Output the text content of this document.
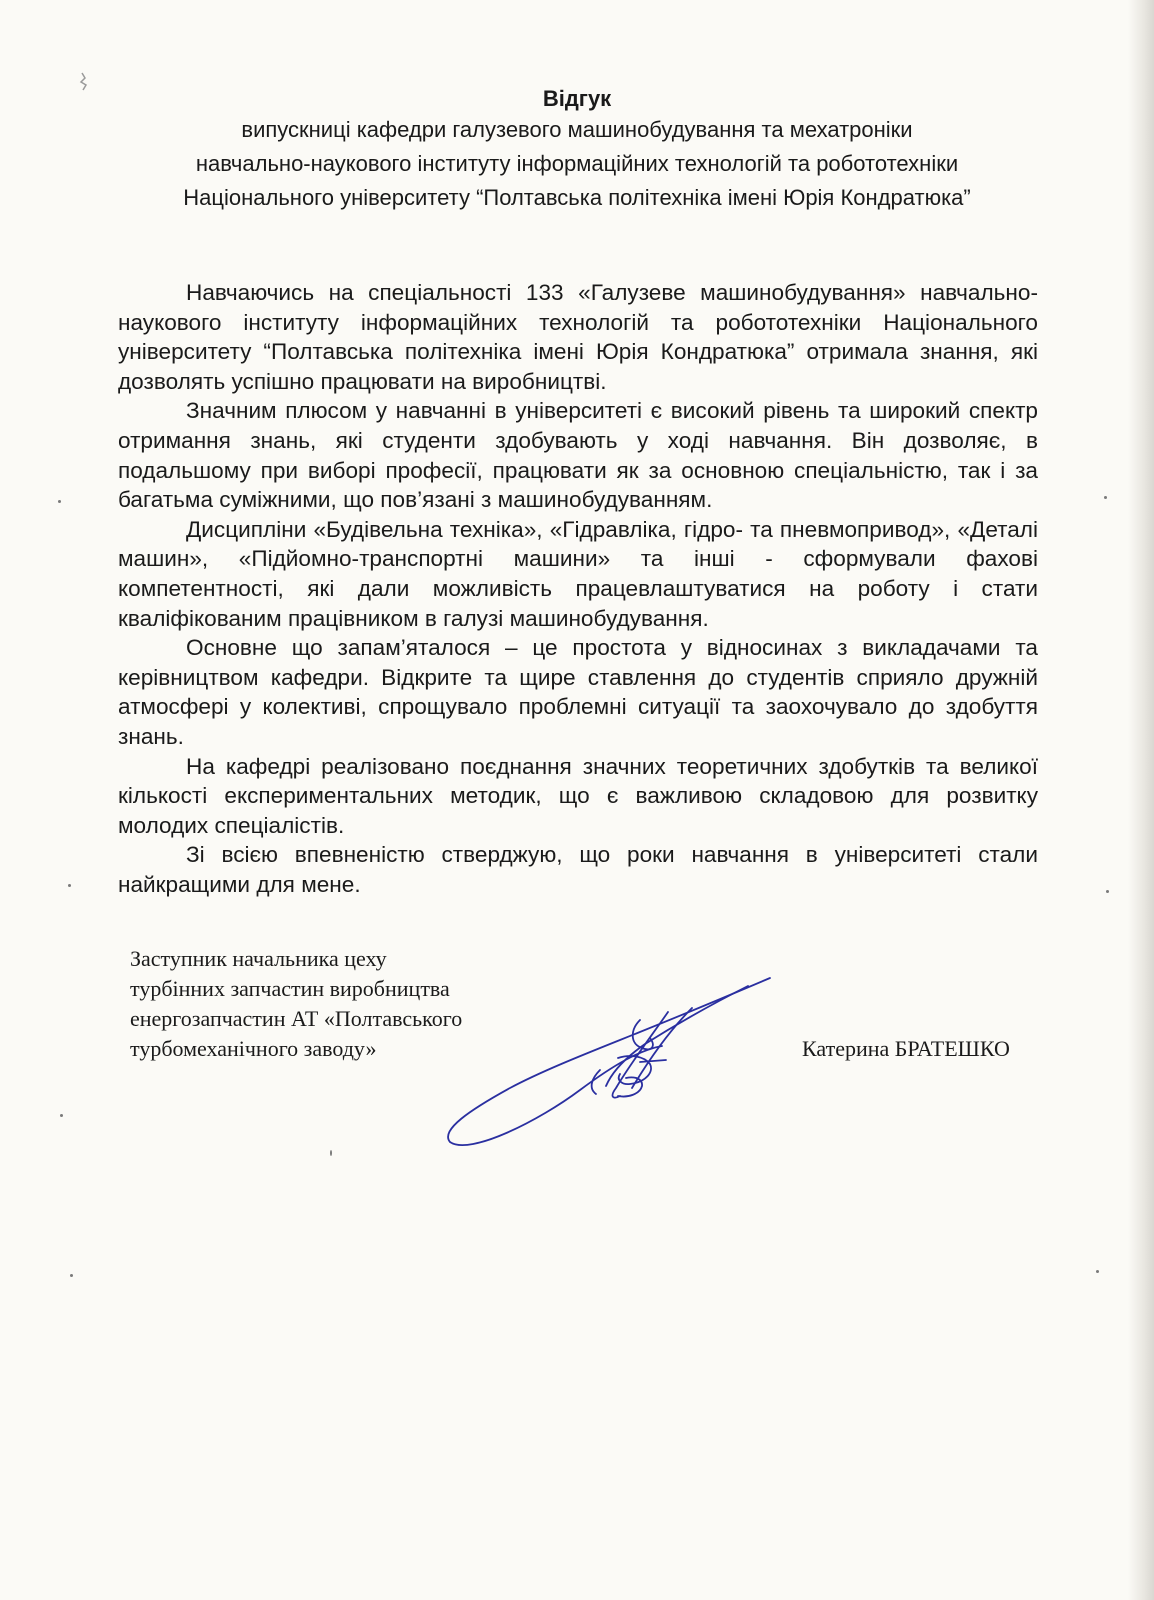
Відгук
випускниці кафедри галузевого машинобудування та мехатроніки
навчально-наукового інституту інформаційних технологій та робототехніки
Національного університету “Полтавська політехніка імені Юрія Кондратюка”

Навчаючись на спеціальності 133 «Галузеве машинобудування» навчально-наукового інституту інформаційних технологій та робототехніки Національного університету “Полтавська політехніка імені Юрія Кондратюка” отримала знання, які дозволять успішно працювати на виробництві.

Значним плюсом у навчанні в університеті є високий рівень та широкий спектр отримання знань, які студенти здобувають у ході навчання. Він дозволяє, в подальшому при виборі професії, працювати як за основною спеціальністю, так і за багатьма суміжними, що пов’язані з машинобудуванням.

Дисципліни «Будівельна техніка», «Гідравліка, гідро- та пневмопривод», «Деталі машин», «Підйомно-транспортні машини» та інші - сформували фахові компетентності, які дали можливість працевлаштуватися на роботу і стати кваліфікованим працівником в галузі машинобудування.

Основне що запам’яталося – це простота у відносинах з викладачами та керівництвом кафедри. Відкрите та щире ставлення до студентів сприяло дружній атмосфері у колективі, спрощувало проблемні ситуації та заохочувало до здобуття знань.

На кафедрі реалізовано поєднання значних теоретичних здобутків та великої кількості експериментальних методик, що є важливою складовою для розвитку молодих спеціалістів.

Зі всією впевненістю стверджую, що роки навчання в університеті стали найкращими для мене.

Заступник начальника цеху
турбінних запчастин виробництва
енергозапчастин АТ «Полтавського
турбомеханічного заводу»	Катерина БРАТЕШКО
